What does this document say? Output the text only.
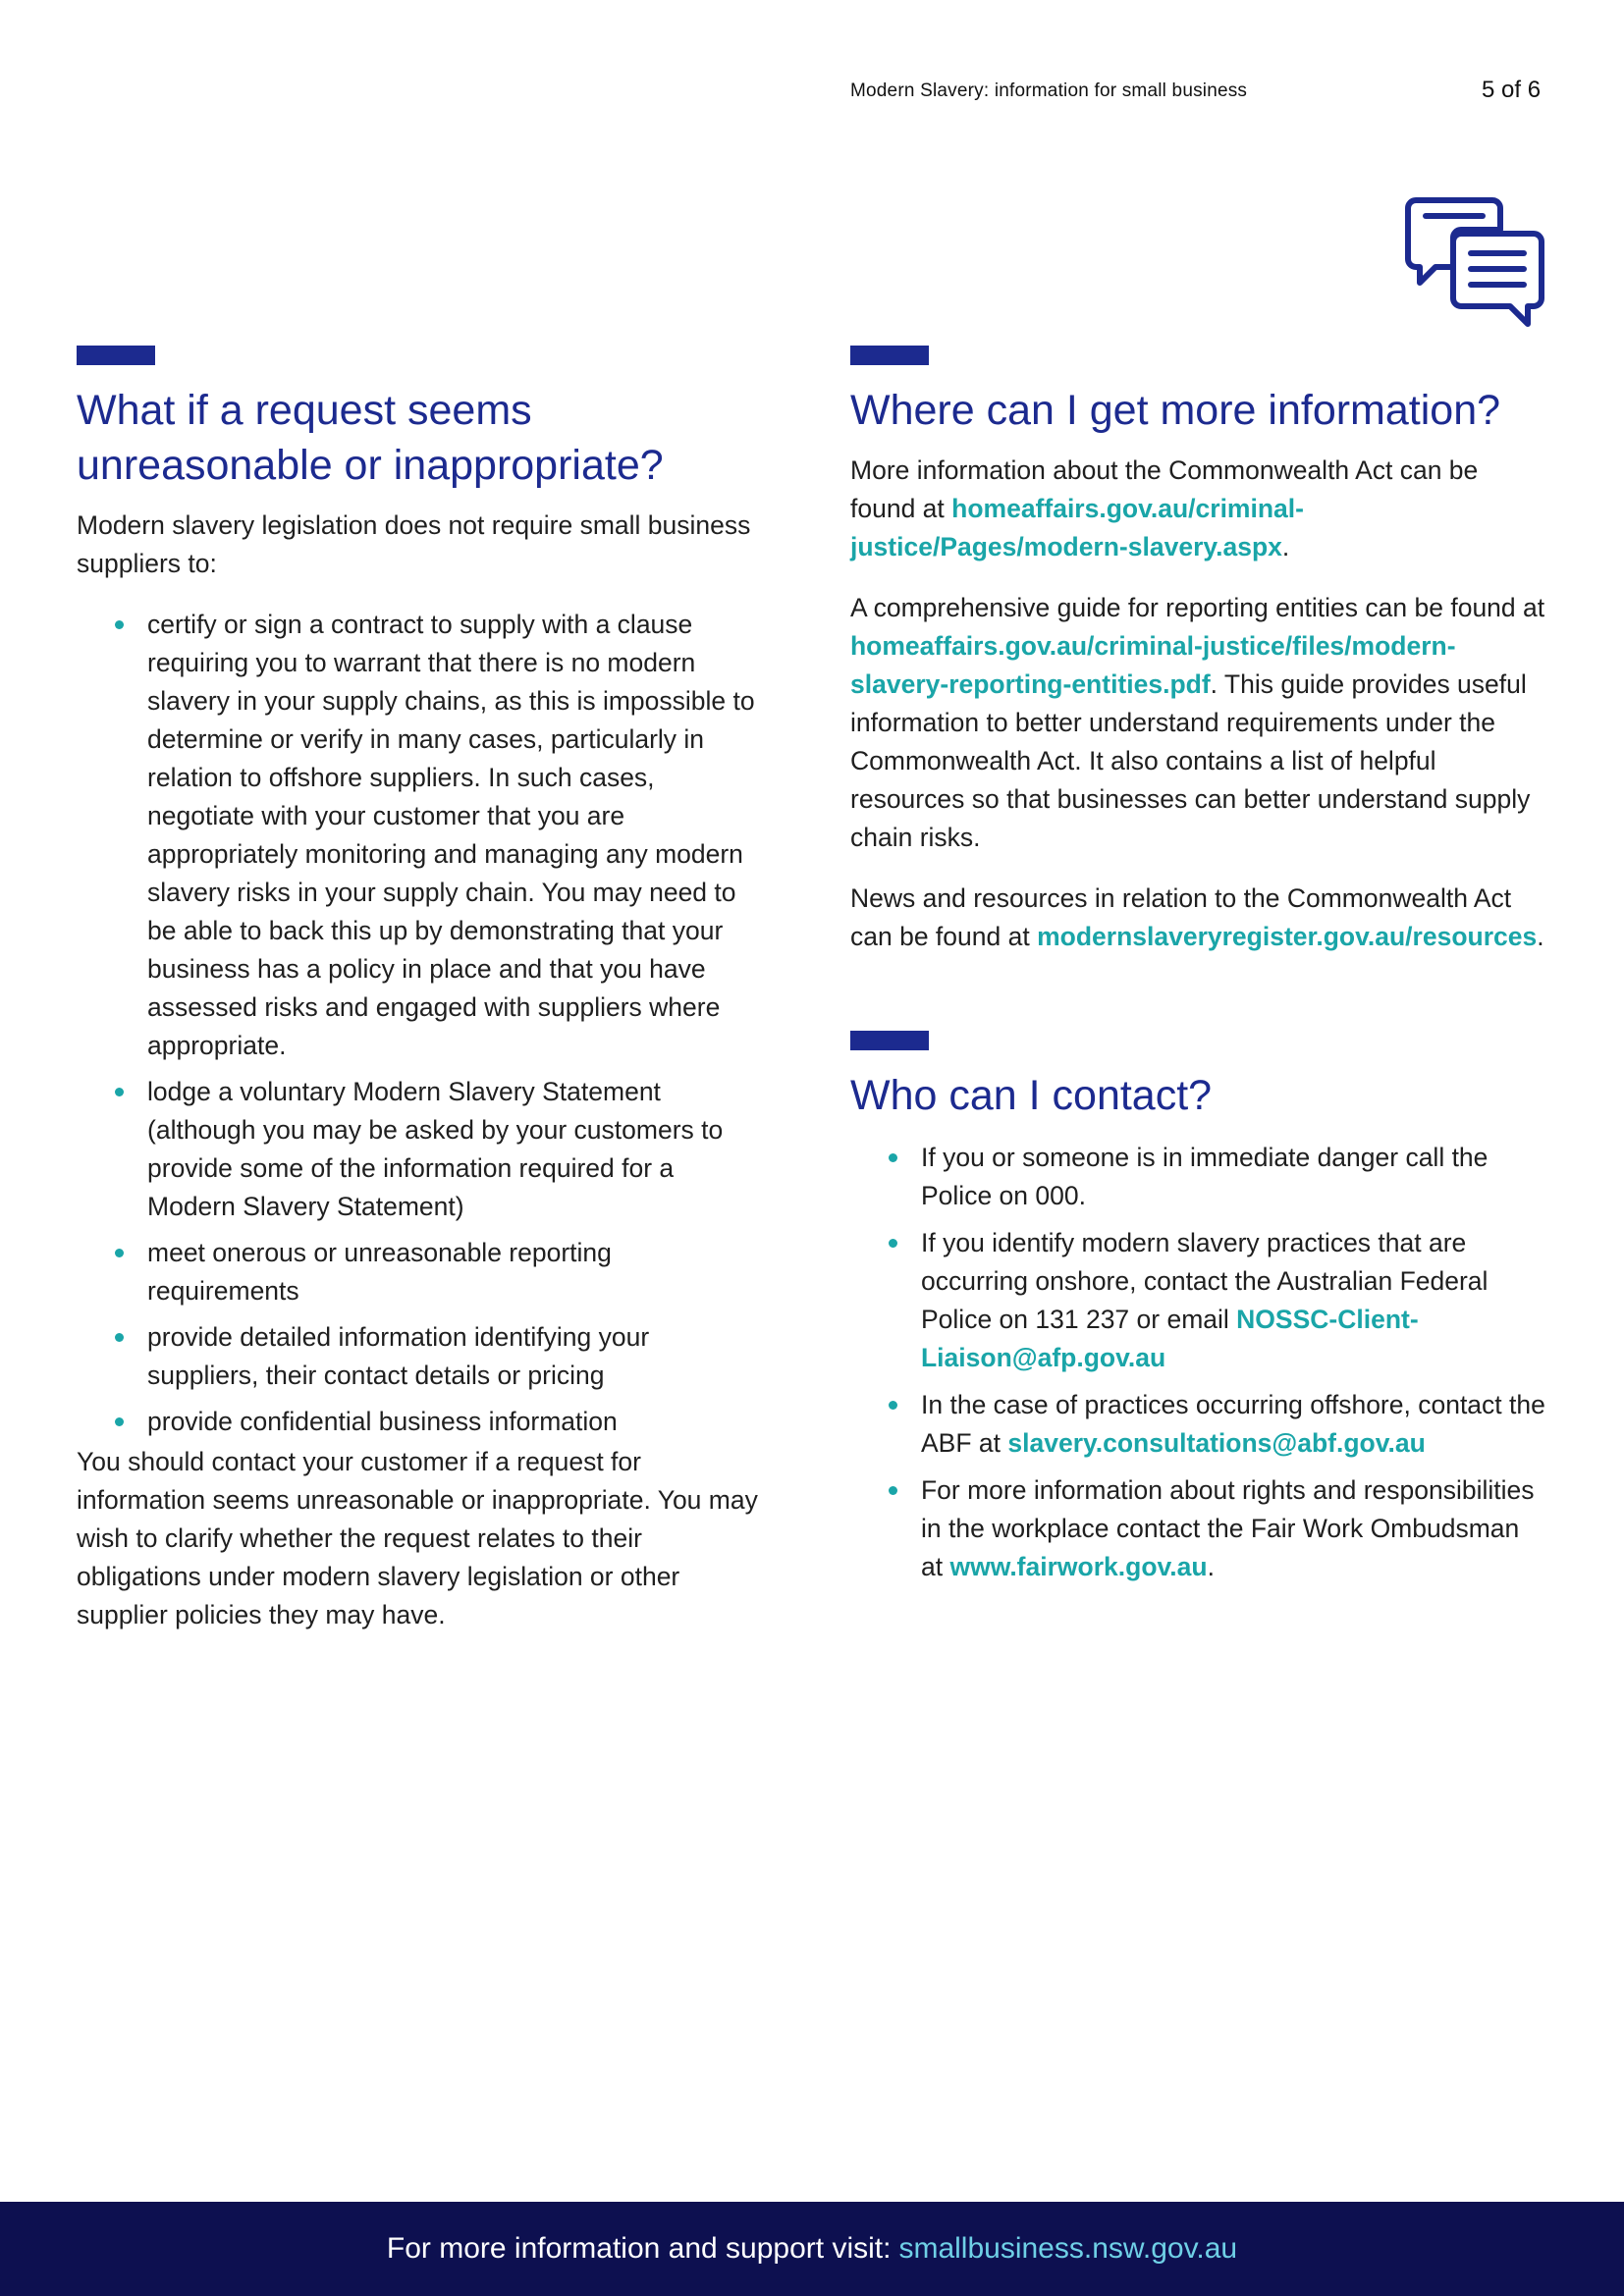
Modern Slavery: information for small business	5 of 6
What if a request seems unreasonable or inappropriate?

Modern slavery legislation does not require small business suppliers to:

certify or sign a contract to supply with a clause requiring you to warrant that there is no modern slavery in your supply chains, as this is impossible to determine or verify in many cases, particularly in relation to offshore suppliers. In such cases, negotiate with your customer that you are appropriately monitoring and managing any modern slavery risks in your supply chain. You may need to be able to back this up by demonstrating that your business has a policy in place and that you have assessed risks and engaged with suppliers where appropriate.
lodge a voluntary Modern Slavery Statement (although you may be asked by your customers to provide some of the information required for a Modern Slavery Statement)
meet onerous or unreasonable reporting requirements
provide detailed information identifying your suppliers, their contact details or pricing
provide confidential business information

You should contact your customer if a request for information seems unreasonable or inappropriate. You may wish to clarify whether the request relates to their obligations under modern slavery legislation or other supplier policies they may have.

Where can I get more information?

More information about the Commonwealth Act can be found at homeaffairs.gov.au/criminal-justice/Pages/modern-slavery.aspx.

A comprehensive guide for reporting entities can be found at homeaffairs.gov.au/criminal-justice/files/modern-slavery-reporting-entities.pdf. This guide provides useful information to better understand requirements under the Commonwealth Act. It also contains a list of helpful resources so that businesses can better understand supply chain risks.

News and resources in relation to the Commonwealth Act can be found at modernslaveryregister.gov.au/resources.

Who can I contact?
If you or someone is in immediate danger call the Police on 000.
If you identify modern slavery practices that are occurring onshore, contact the Australian Federal Police on 131 237 or email NOSSC-Client-Liaison@afp.gov.au
In the case of practices occurring offshore, contact the ABF at slavery.consultations@abf.gov.au
For more information about rights and responsibilities in the workplace contact the Fair Work Ombudsman at www.fairwork.gov.au.
For more information and support visit: smallbusiness.nsw.gov.au
